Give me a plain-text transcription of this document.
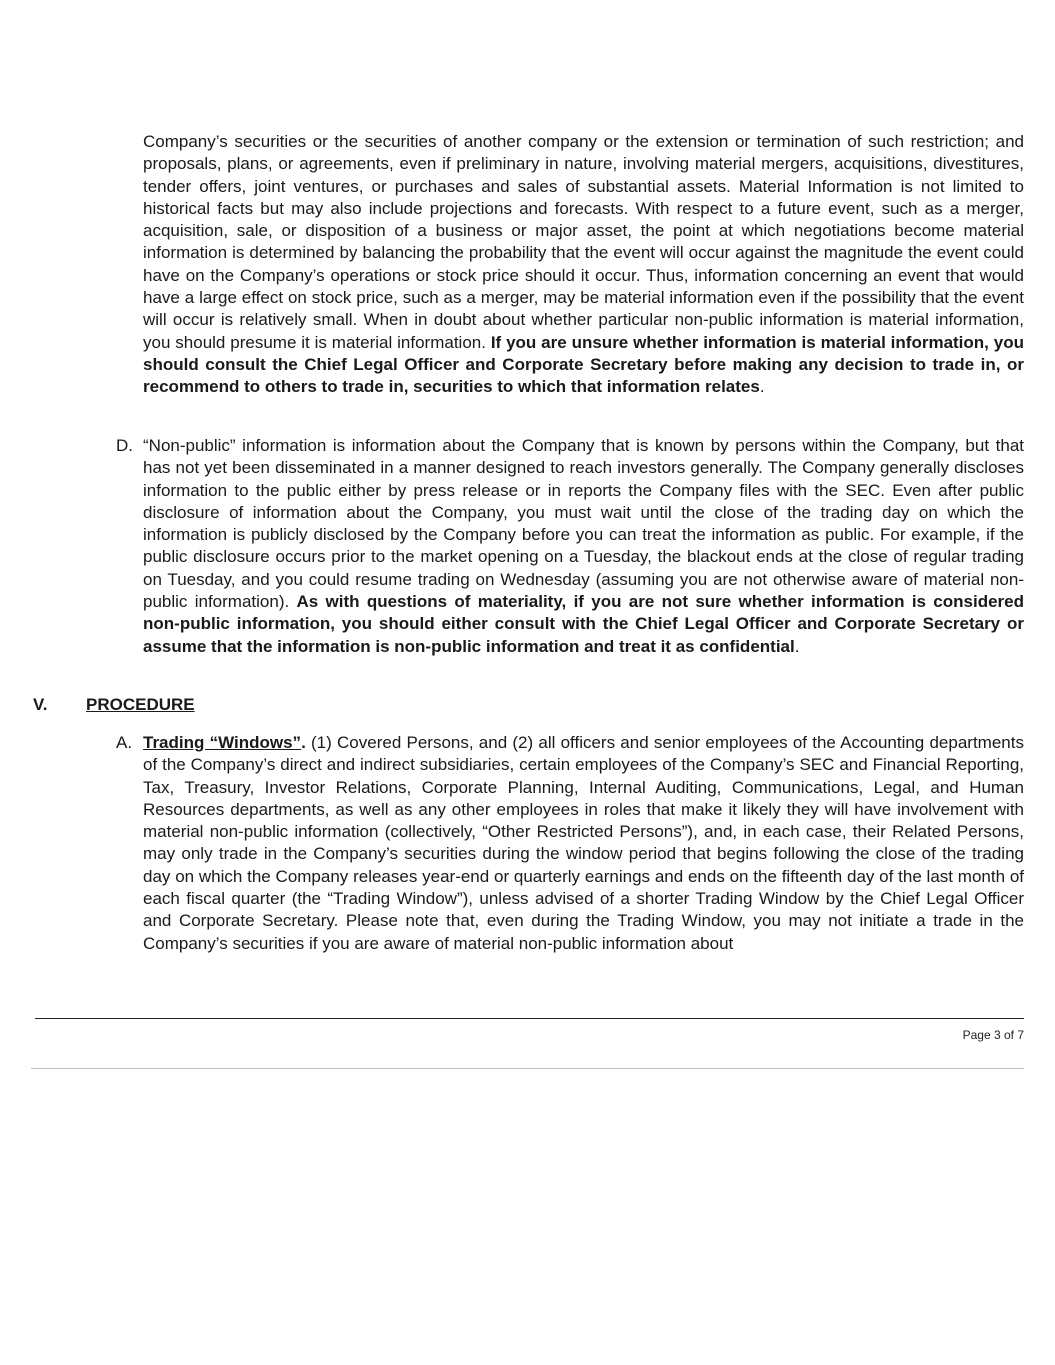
Company’s securities or the securities of another company or the extension or termination of such restriction; and proposals, plans, or agreements, even if preliminary in nature, involving material mergers, acquisitions, divestitures, tender offers, joint ventures, or purchases and sales of substantial assets. Material Information is not limited to historical facts but may also include projections and forecasts. With respect to a future event, such as a merger, acquisition, sale, or disposition of a business or major asset, the point at which negotiations become material information is determined by balancing the probability that the event will occur against the magnitude the event could have on the Company’s operations or stock price should it occur. Thus, information concerning an event that would have a large effect on stock price, such as a merger, may be material information even if the possibility that the event will occur is relatively small. When in doubt about whether particular non-public information is material information, you should presume it is material information. If you are unsure whether information is material information, you should consult the Chief Legal Officer and Corporate Secretary before making any decision to trade in, or recommend to others to trade in, securities to which that information relates.

D. “Non-public” information is information about the Company that is known by persons within the Company, but that has not yet been disseminated in a manner designed to reach investors generally. The Company generally discloses information to the public either by press release or in reports the Company files with the SEC. Even after public disclosure of information about the Company, you must wait until the close of the trading day on which the information is publicly disclosed by the Company before you can treat the information as public. For example, if the public disclosure occurs prior to the market opening on a Tuesday, the blackout ends at the close of regular trading on Tuesday, and you could resume trading on Wednesday (assuming you are not otherwise aware of material non-public information). As with questions of materiality, if you are not sure whether information is considered non-public information, you should either consult with the Chief Legal Officer and Corporate Secretary or assume that the information is non-public information and treat it as confidential.

V. PROCEDURE
A. Trading “Windows”. (1) Covered Persons, and (2) all officers and senior employees of the Accounting departments of the Company’s direct and indirect subsidiaries, certain employees of the Company’s SEC and Financial Reporting, Tax, Treasury, Investor Relations, Corporate Planning, Internal Auditing, Communications, Legal, and Human Resources departments, as well as any other employees in roles that make it likely they will have involvement with material non-public information (collectively, “Other Restricted Persons”), and, in each case, their Related Persons, may only trade in the Company’s securities during the window period that begins following the close of the trading day on which the Company releases year-end or quarterly earnings and ends on the fifteenth day of the last month of each fiscal quarter (the “Trading Window”), unless advised of a shorter Trading Window by the Chief Legal Officer and Corporate Secretary. Please note that, even during the Trading Window, you may not initiate a trade in the Company’s securities if you are aware of material non-public information about

Page 3 of 7
